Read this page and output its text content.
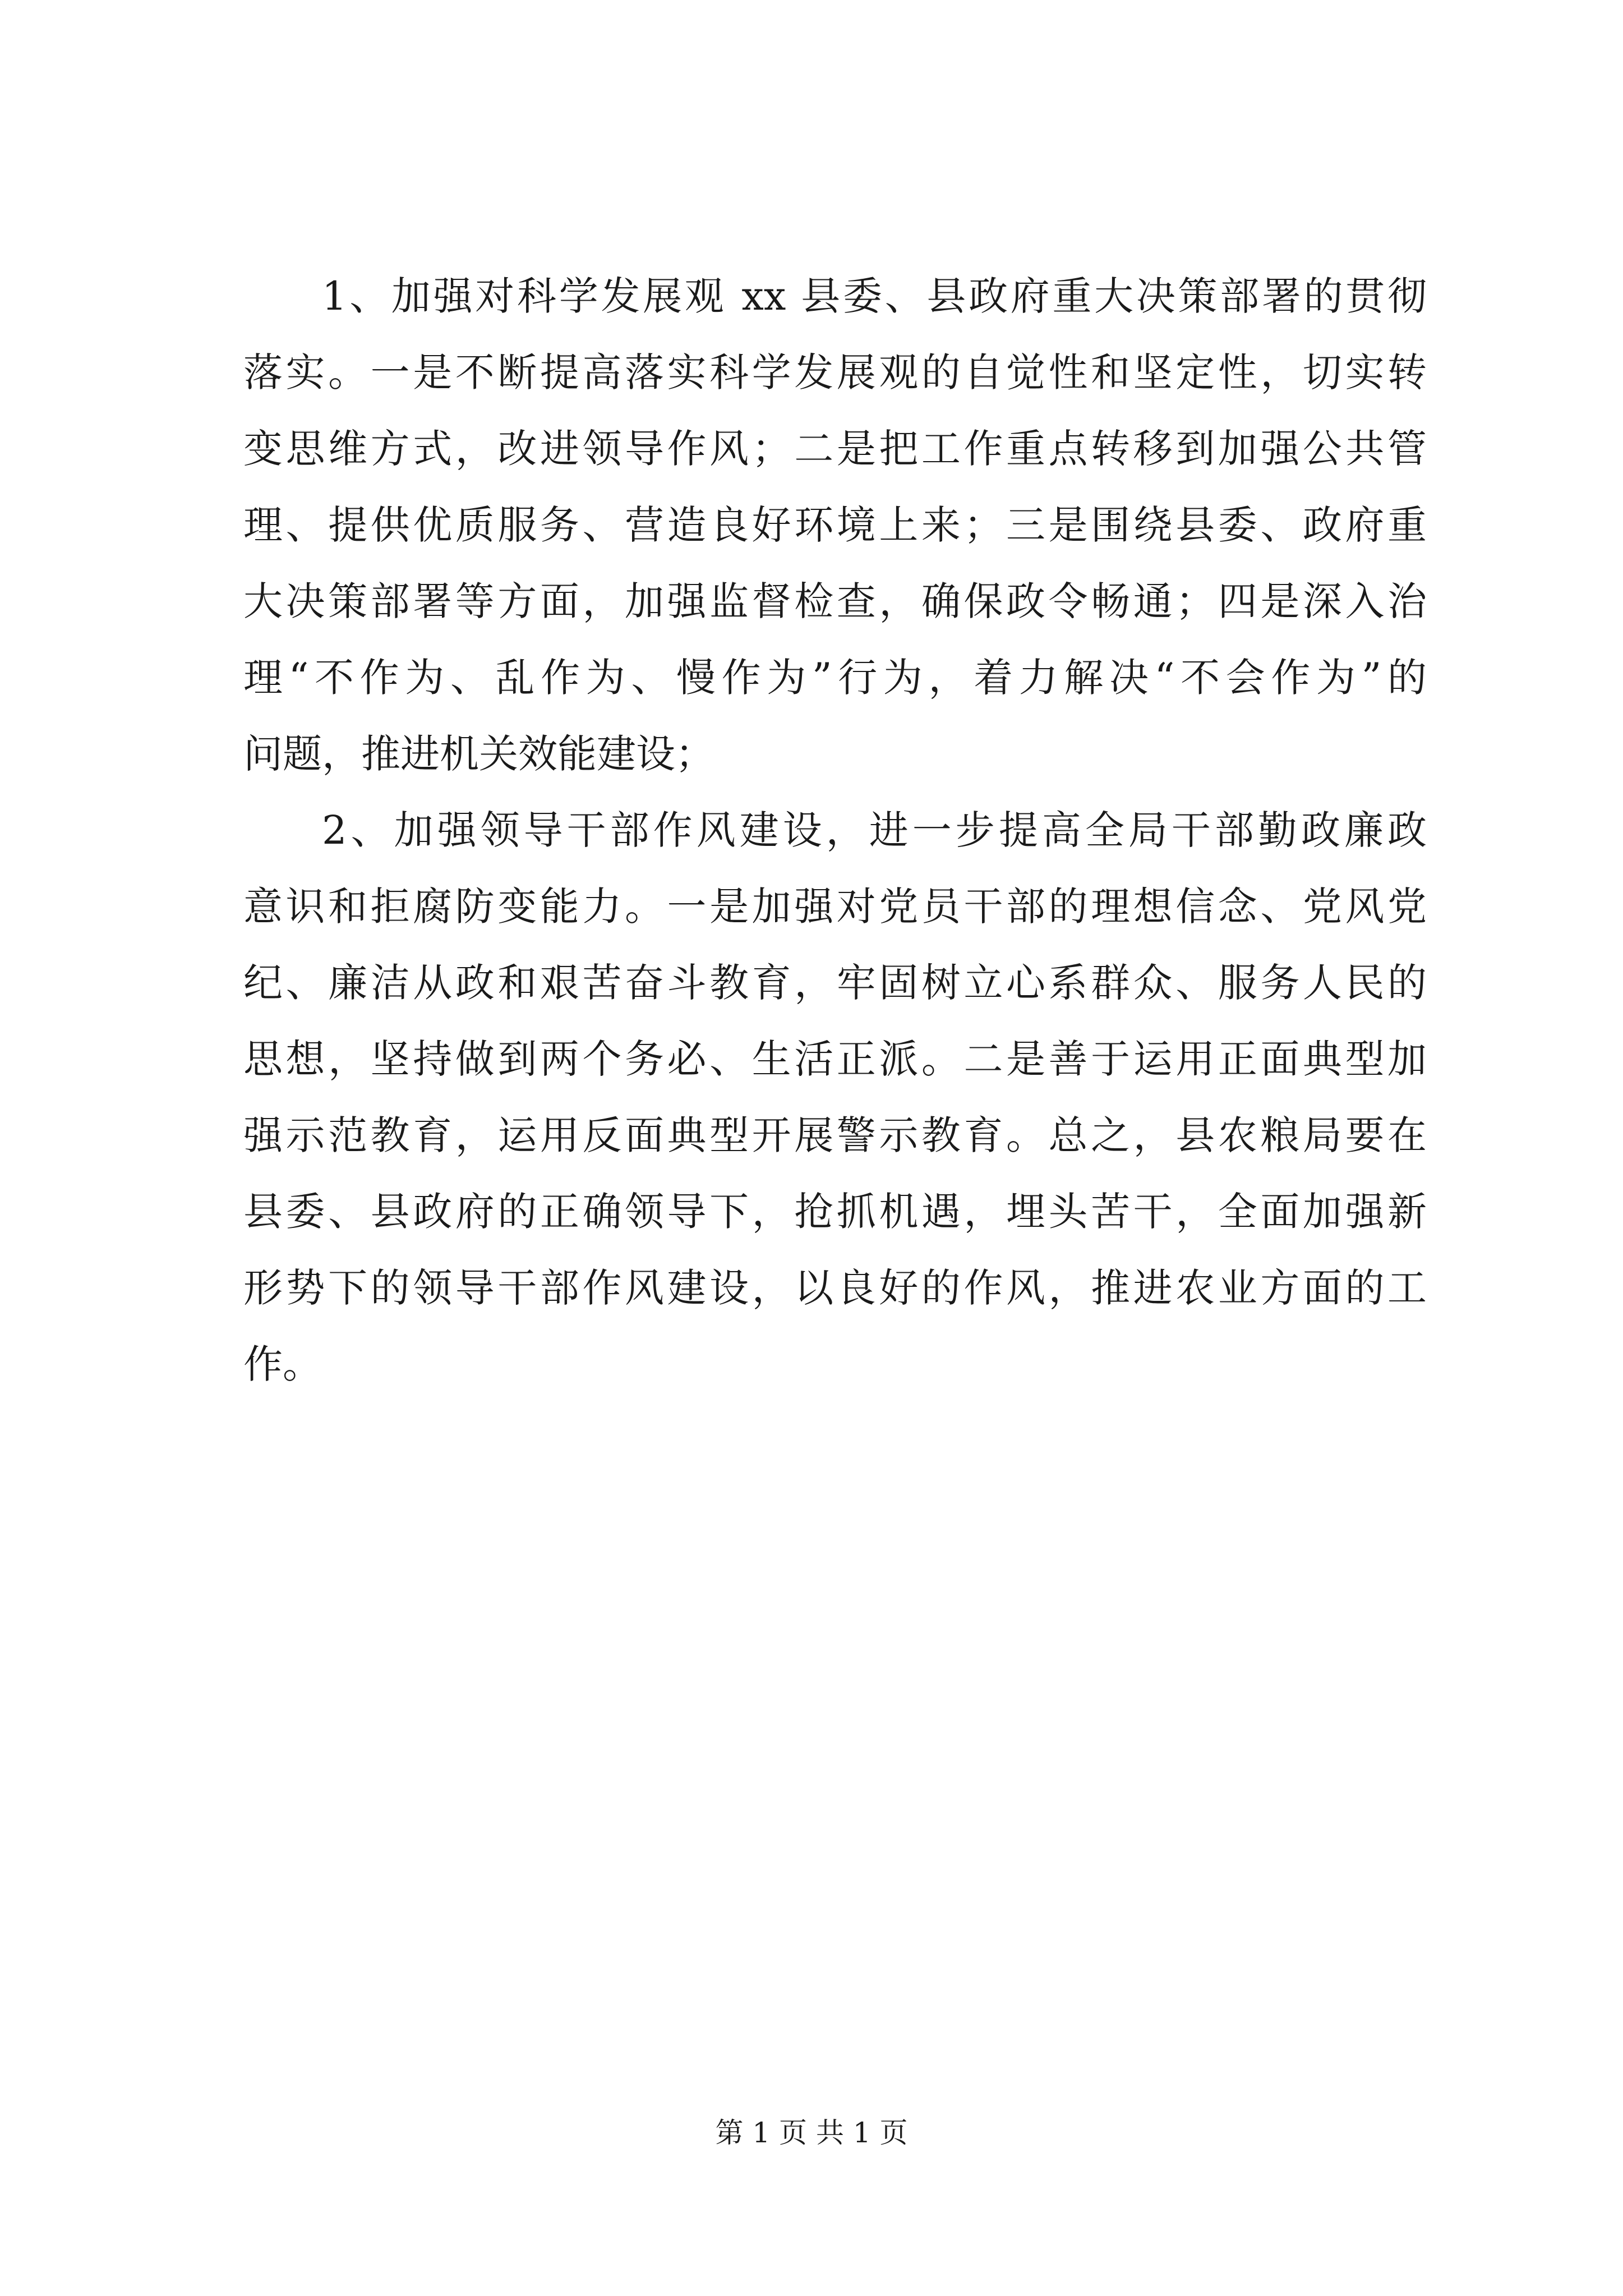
1、加强对科学发展观 xx 县委、县政府重大决策部署的贯彻
落实。一是不断提高落实科学发展观的自觉性和坚定性，切实转
变思维方式，改进领导作风；二是把工作重点转移到加强公共管
理、提供优质服务、营造良好环境上来；三是围绕县委、政府重
大决策部署等方面，加强监督检查，确保政令畅通；四是深入治
理“不作为、乱作为、慢作为”行为，着力解决“不会作为”的
问题，推进机关效能建设；
2、加强领导干部作风建设，进一步提高全局干部勤政廉政
意识和拒腐防变能力。一是加强对党员干部的理想信念、党风党
纪、廉洁从政和艰苦奋斗教育，牢固树立心系群众、服务人民的
思想，坚持做到两个务必、生活正派。二是善于运用正面典型加
强示范教育，运用反面典型开展警示教育。总之，县农粮局要在
县委、县政府的正确领导下，抢抓机遇，埋头苦干，全面加强新
形势下的领导干部作风建设，以良好的作风，推进农业方面的工
作。
第 1 页 共 1 页
